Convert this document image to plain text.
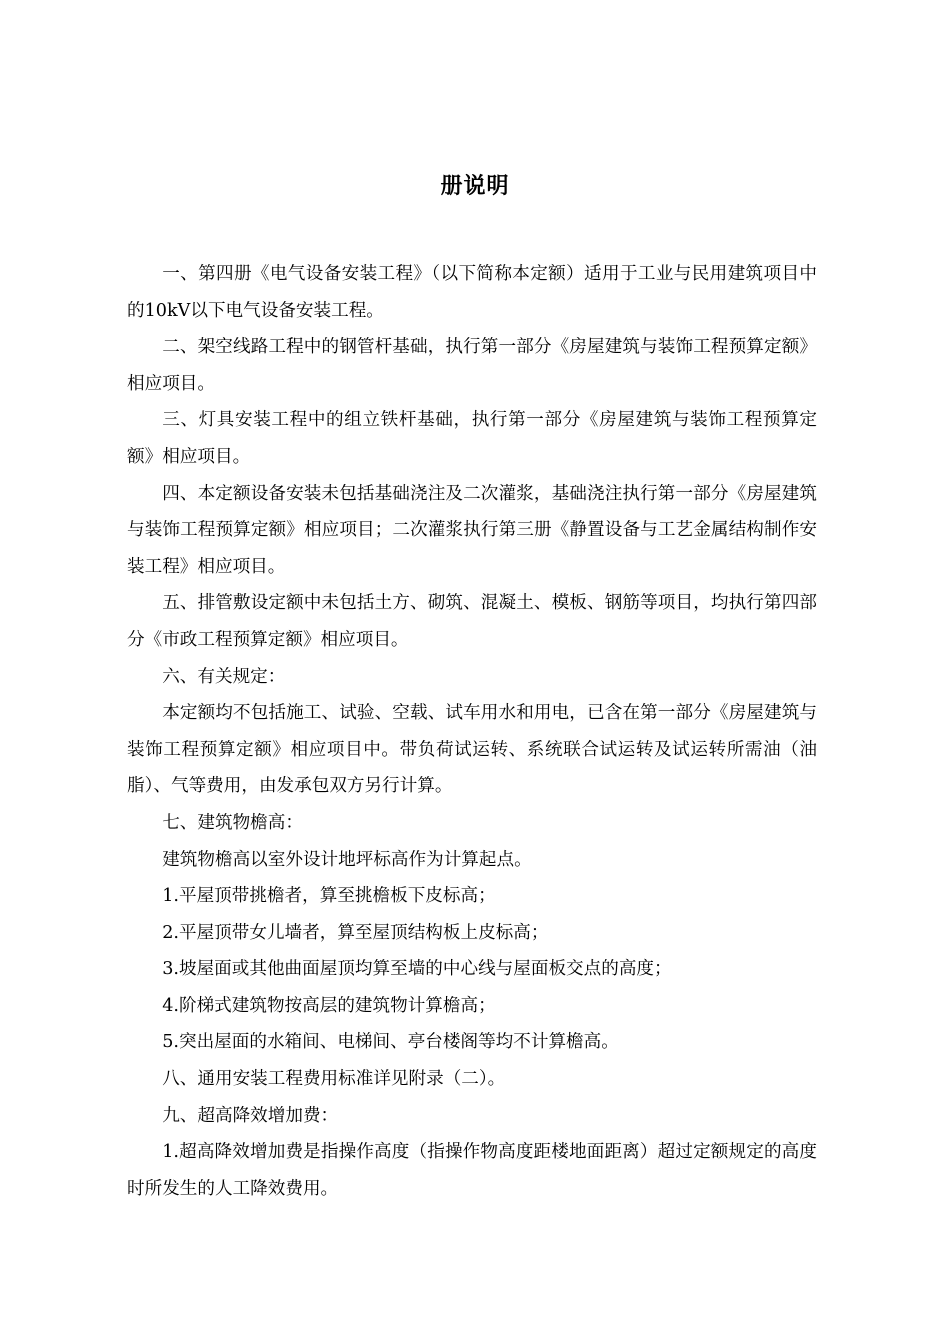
册说明

一、第四册《电气设备安装工程》（以下简称本定额）适用于工业与民用建筑项目中的10kV以下电气设备安装工程。

二、架空线路工程中的钢管杆基础，执行第一部分《房屋建筑与装饰工程预算定额》相应项目。

三、灯具安装工程中的组立铁杆基础，执行第一部分《房屋建筑与装饰工程预算定额》相应项目。

四、本定额设备安装未包括基础浇注及二次灌浆，基础浇注执行第一部分《房屋建筑与装饰工程预算定额》相应项目；二次灌浆执行第三册《静置设备与工艺金属结构制作安装工程》相应项目。

五、排管敷设定额中未包括土方、砌筑、混凝土、模板、钢筋等项目，均执行第四部分《市政工程预算定额》相应项目。

六、有关规定：

本定额均不包括施工、试验、空载、试车用水和用电，已含在第一部分《房屋建筑与装饰工程预算定额》相应项目中。带负荷试运转、系统联合试运转及试运转所需油（油脂）、气等费用，由发承包双方另行计算。

七、建筑物檐高：

建筑物檐高以室外设计地坪标高作为计算起点。

1.平屋顶带挑檐者，算至挑檐板下皮标高；

2.平屋顶带女儿墙者，算至屋顶结构板上皮标高；

3.坡屋面或其他曲面屋顶均算至墙的中心线与屋面板交点的高度；

4.阶梯式建筑物按高层的建筑物计算檐高；

5.突出屋面的水箱间、电梯间、亭台楼阁等均不计算檐高。

八、通用安装工程费用标准详见附录（二）。

九、超高降效增加费：

1.超高降效增加费是指操作高度（指操作物高度距楼地面距离）超过定额规定的高度时所发生的人工降效费用。
